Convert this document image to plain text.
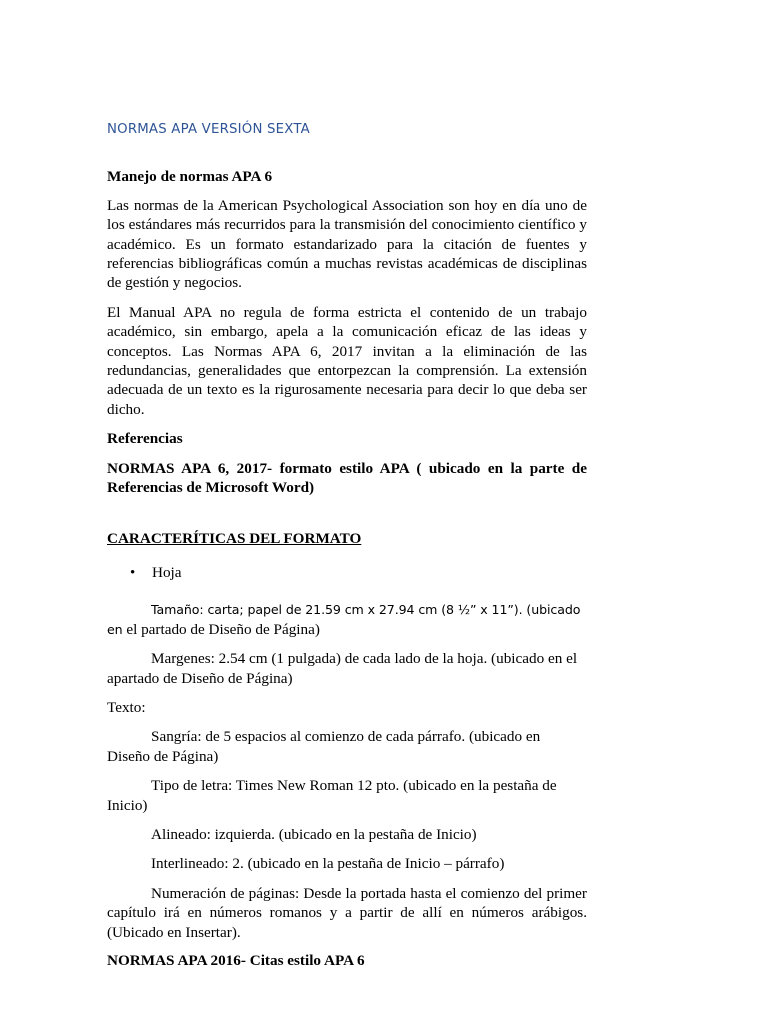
NORMAS APA VERSIÓN SEXTA

Manejo de normas APA 6

Las normas de la American Psychological Association son hoy en día uno de los estándares más recurridos para la transmisión del conocimiento científico y académico. Es un formato estandarizado para la citación de fuentes y referencias bibliográficas común a muchas revistas académicas de disciplinas de gestión y negocios.

El Manual APA no regula de forma estricta el contenido de un trabajo académico, sin embargo, apela a la comunicación eficaz de las ideas y conceptos. Las Normas APA 6, 2017 invitan a la eliminación de las redundancias, generalidades que entorpezcan la comprensión. La extensión adecuada de un texto es la rigurosamente necesaria para decir lo que deba ser dicho.

Referencias

NORMAS APA 6, 2017- formato estilo APA ( ubicado en la parte de Referencias de Microsoft Word)

CARACTERÍTICAS DEL FORMATO

•	Hoja

Tamaño: carta; papel de 21.59 cm x 27.94 cm (8 ½” x 11”). (ubicado en el partado de Diseño de Página)

Margenes: 2.54 cm (1 pulgada) de cada lado de la hoja. (ubicado en el apartado de Diseño de Página)

Texto:

Sangría: de 5 espacios al comienzo de cada párrafo. (ubicado en Diseño de Página)

Tipo de letra: Times New Roman 12 pto. (ubicado en la pestaña de Inicio)

Alineado: izquierda. (ubicado en la pestaña de Inicio)

Interlineado: 2. (ubicado en la pestaña de Inicio – párrafo)

Numeración de páginas: Desde la portada hasta el comienzo del primer capítulo irá en números romanos y a partir de allí en números arábigos. (Ubicado en Insertar).

NORMAS APA 2016- Citas estilo APA 6
